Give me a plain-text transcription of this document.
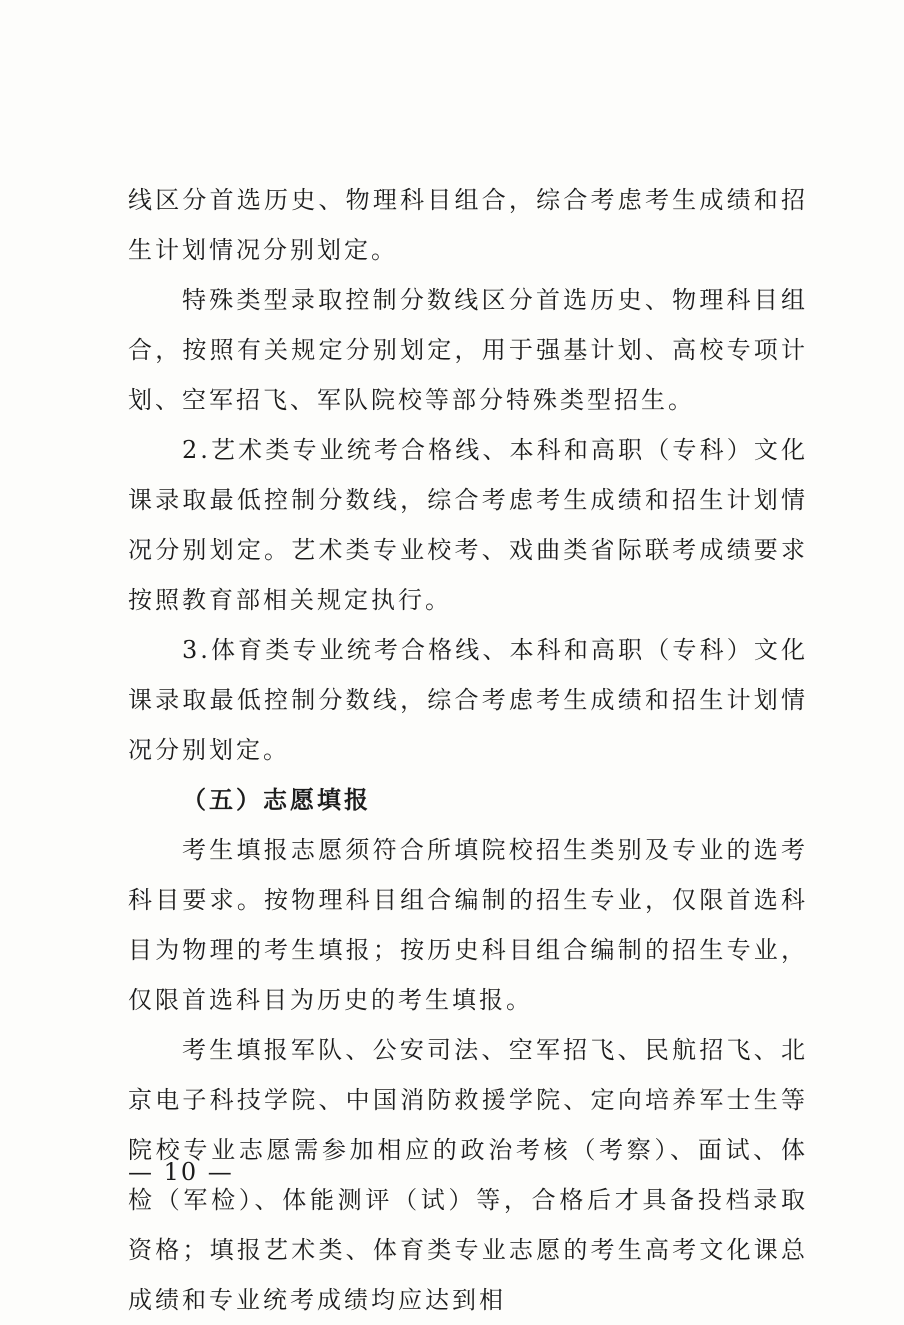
线区分首选历史、物理科目组合，综合考虑考生成绩和招生计划情况分别划定。

特殊类型录取控制分数线区分首选历史、物理科目组合，按照有关规定分别划定，用于强基计划、高校专项计划、空军招飞、军队院校等部分特殊类型招生。

2.艺术类专业统考合格线、本科和高职（专科）文化课录取最低控制分数线，综合考虑考生成绩和招生计划情况分别划定。艺术类专业校考、戏曲类省际联考成绩要求按照教育部相关规定执行。

3.体育类专业统考合格线、本科和高职（专科）文化课录取最低控制分数线，综合考虑考生成绩和招生计划情况分别划定。

（五）志愿填报

考生填报志愿须符合所填院校招生类别及专业的选考科目要求。按物理科目组合编制的招生专业，仅限首选科目为物理的考生填报；按历史科目组合编制的招生专业，仅限首选科目为历史的考生填报。

考生填报军队、公安司法、空军招飞、民航招飞、北京电子科技学院、中国消防救援学院、定向培养军士生等院校专业志愿需参加相应的政治考核（考察）、面试、体检（军检）、体能测评（试）等，合格后才具备投档录取资格；填报艺术类、体育类专业志愿的考生高考文化课总成绩和专业统考成绩均应达到相

— 10 —
